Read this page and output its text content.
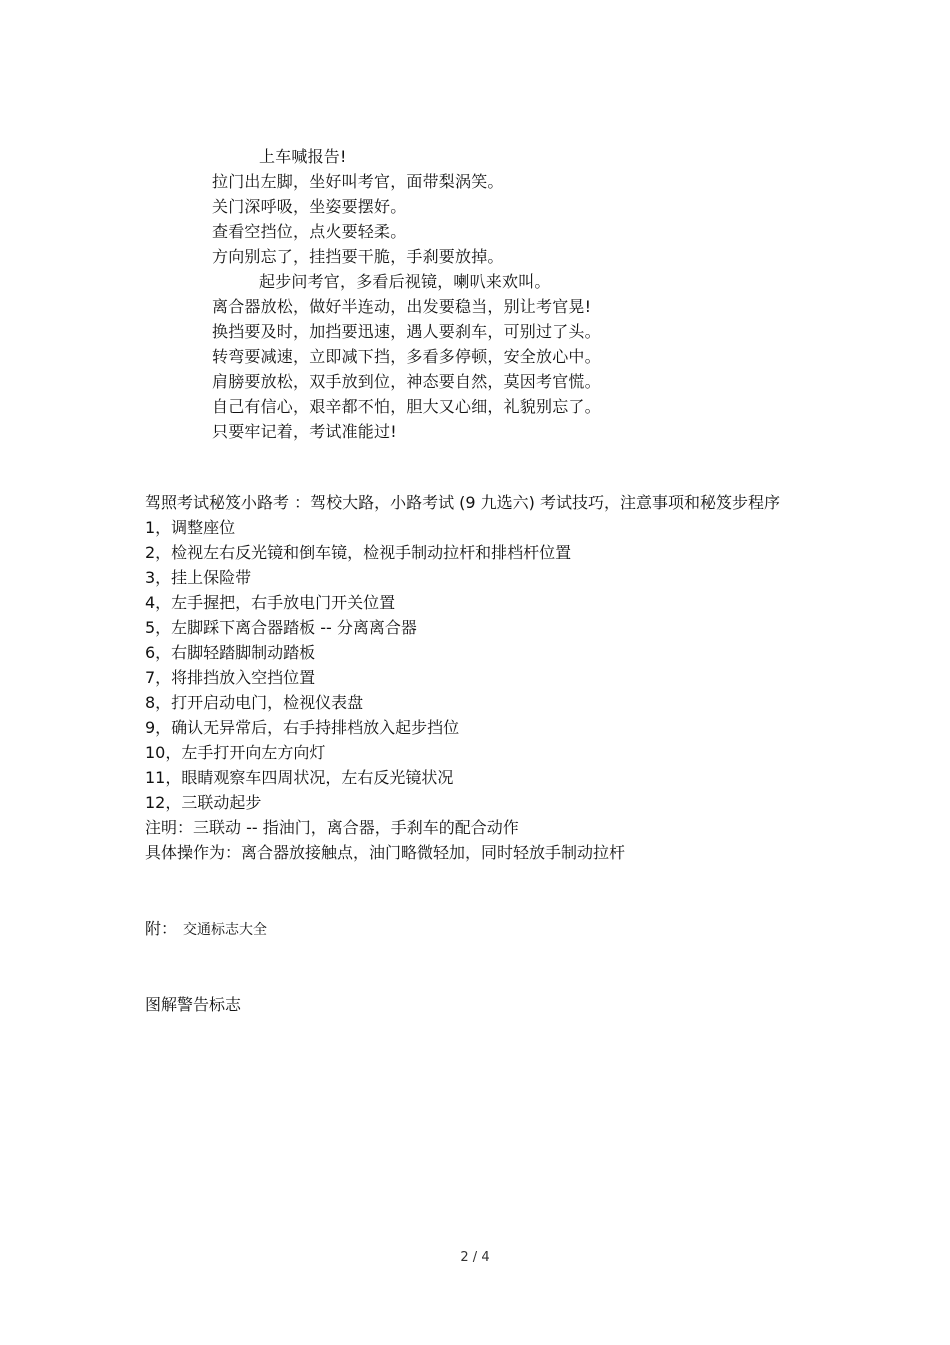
上车喊报告!
拉门出左脚，坐好叫考官，面带梨涡笑。
关门深呼吸，坐姿要摆好。
查看空挡位，点火要轻柔。
方向别忘了，挂挡要干脆，手刹要放掉。
起步问考官，多看后视镜，喇叭来欢叫。
离合器放松，做好半连动，出发要稳当，别让考官晃!
换挡要及时，加挡要迅速，遇人要刹车，可别过了头。
转弯要减速，立即减下挡，多看多停顿，安全放心中。
肩膀要放松，双手放到位，神态要自然，莫因考官慌。
自己有信心，艰辛都不怕，胆大又心细，礼貌别忘了。
只要牢记着，考试准能过!
驾照考试秘笈小路考 ：驾校大路，小路考试 (9 九选六) 考试技巧，注意事项和秘笈步程序
1，调整座位
2，检视左右反光镜和倒车镜，检视手制动拉杆和排档杆位置
3，挂上保险带
4，左手握把，右手放电门开关位置
5，左脚踩下离合器踏板 -- 分离离合器
6，右脚轻踏脚制动踏板
7，将排挡放入空挡位置
8，打开启动电门，检视仪表盘
9，确认无异常后，右手持排档放入起步挡位
10，左手打开向左方向灯
11，眼睛观察车四周状况，左右反光镜状况
12，三联动起步
注明：三联动 -- 指油门，离合器，手刹车的配合动作
具体操作为：离合器放接触点，油门略微轻加，同时轻放手制动拉杆
附： 交通标志大全
图解警告标志
2 / 4
